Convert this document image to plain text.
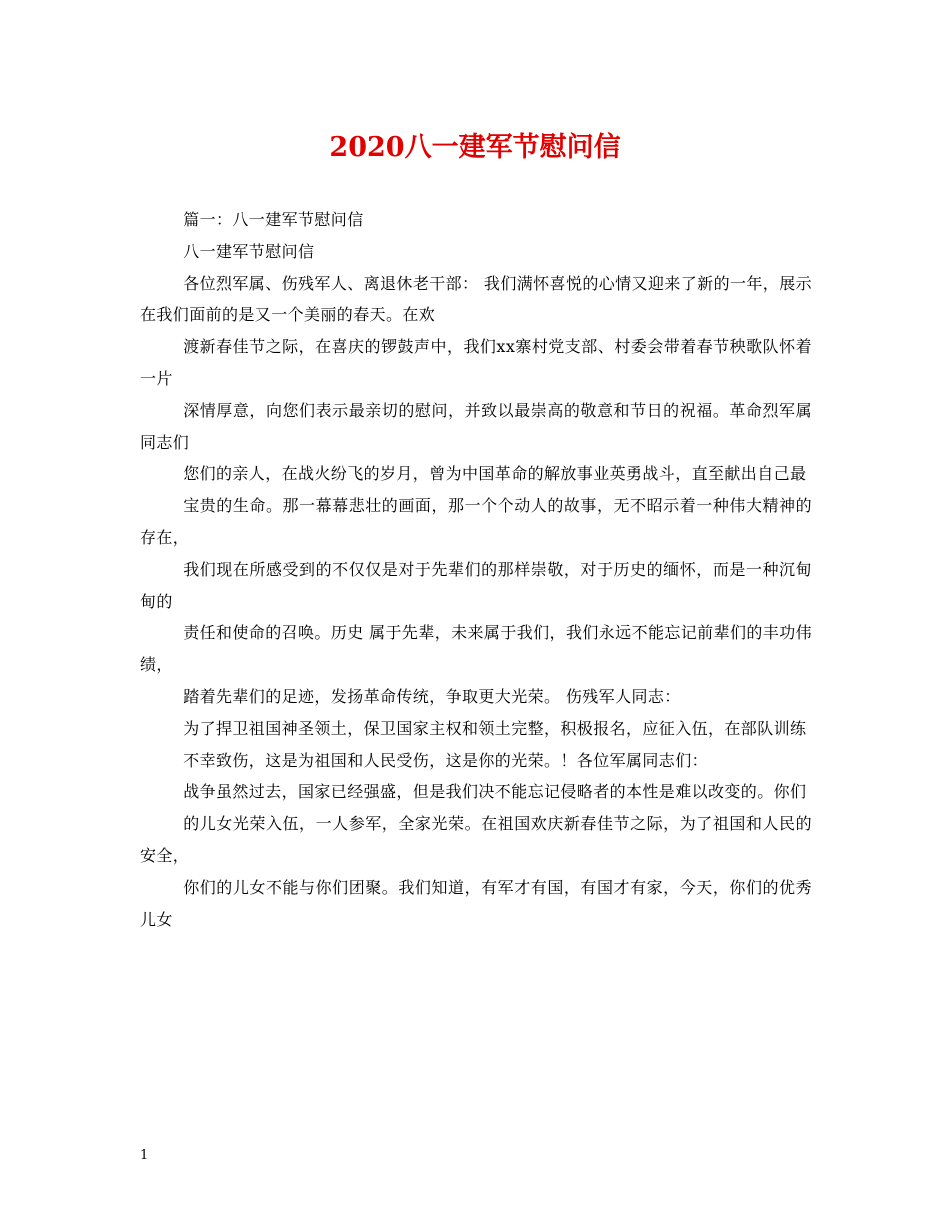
2020八一建军节慰问信

篇一：八一建军节慰问信

八一建军节慰问信

各位烈军属、伤残军人、离退休老干部： 我们满怀喜悦的心情又迎来了新的一年，展示在我们面前的是又一个美丽的春天。在欢

渡新春佳节之际，在喜庆的锣鼓声中，我们xx寨村党支部、村委会带着春节秧歌队怀着一片

深情厚意，向您们表示最亲切的慰问，并致以最崇高的敬意和节日的祝福。革命烈军属同志们

您们的亲人，在战火纷飞的岁月，曾为中国革命的解放事业英勇战斗，直至献出自己最

宝贵的生命。那一幕幕悲壮的画面，那一个个动人的故事，无不昭示着一种伟大精神的存在，

我们现在所感受到的不仅仅是对于先辈们的那样崇敬，对于历史的缅怀，而是一种沉甸甸的

责任和使命的召唤。历史 属于先辈，未来属于我们，我们永远不能忘记前辈们的丰功伟绩，

踏着先辈们的足迹，发扬革命传统，争取更大光荣。 伤残军人同志：

为了捍卫祖国神圣领土，保卫国家主权和领土完整，积极报名，应征入伍，在部队训练

不幸致伤，这是为祖国和人民受伤，这是你的光荣。！各位军属同志们：

战争虽然过去，国家已经强盛，但是我们决不能忘记侵略者的本性是难以改变的。你们

的儿女光荣入伍，一人参军，全家光荣。在祖国欢庆新春佳节之际，为了祖国和人民的安全，

你们的儿女不能与你们团聚。我们知道，有军才有国，有国才有家，今天，你们的优秀儿女

1
